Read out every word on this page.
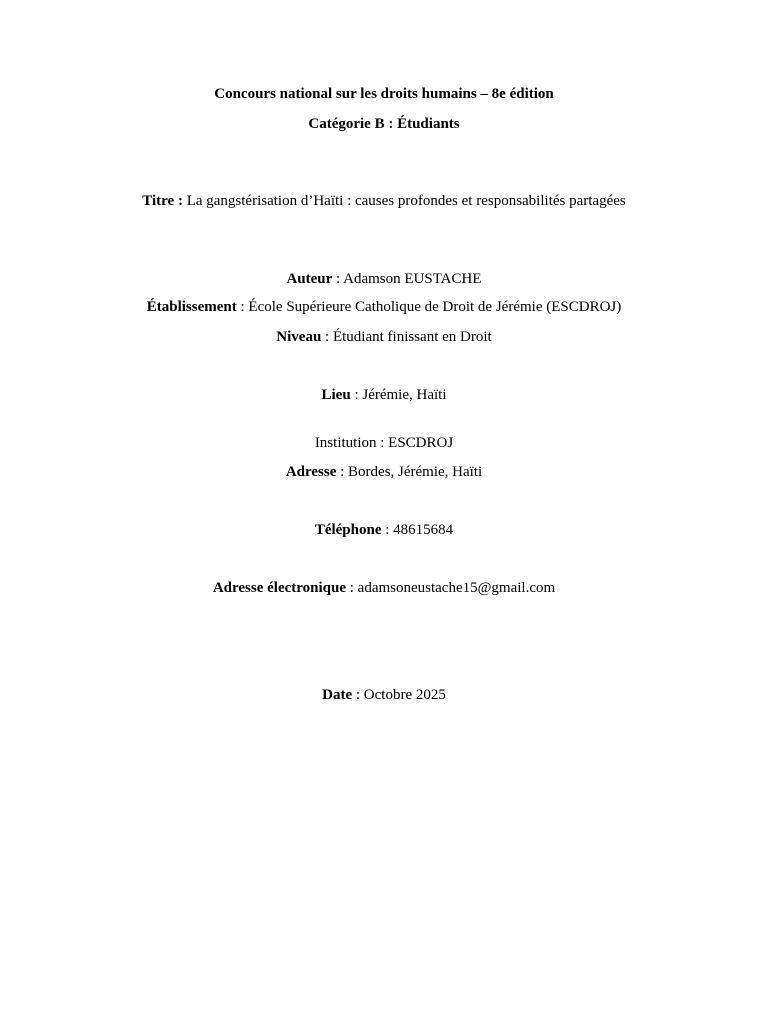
Concours national sur les droits humains – 8e édition
Catégorie B : Étudiants
Titre : La gangstérisation d’Haïti : causes profondes et responsabilités partagées
Auteur : Adamson EUSTACHE
Établissement : École Supérieure Catholique de Droit de Jérémie (ESCDROJ)
Niveau : Étudiant finissant en Droit
Lieu : Jérémie, Haïti
Institution : ESCDROJ
Adresse : Bordes, Jérémie, Haïti
Téléphone : 48615684
Adresse électronique : adamsoneustache15@gmail.com
Date : Octobre 2025
